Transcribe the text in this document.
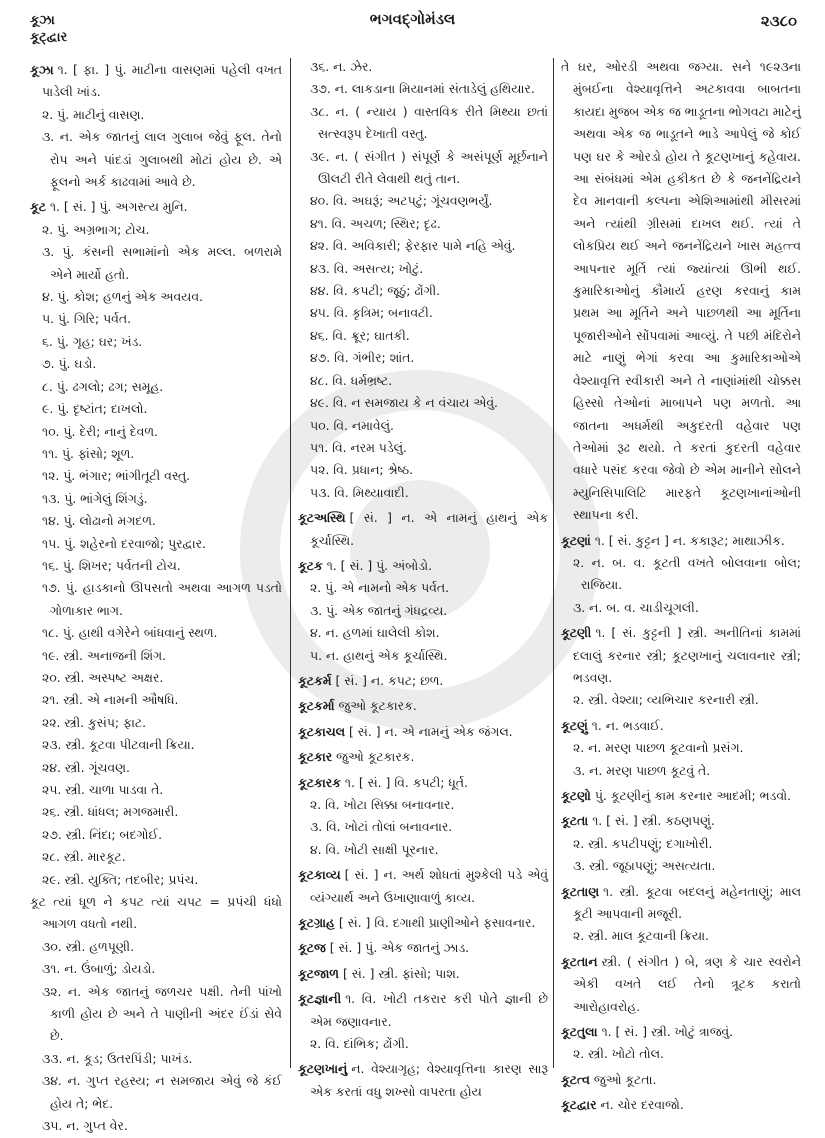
કૂઝા
કૂટ્દ્વાર
ભગવદ્ગોમંડલ	૨૩૮૦

કૂઝા ૧. [ ફા. ] પું. માટીના વાસણમાં પહેલી વખત પાડેલી ખાંડ.

૨. પું. માટીનું વાસણ.

૩. ન. એક જાતનું લાલ ગુલાબ જેવું ફૂલ. તેનો રોપ અને પાંદડાં ગુલાબથી મોટાં હોય છે. એ ફૂલનો અર્ક કાઢવામાં આવે છે.

કૂટ ૧. [ સં. ] પું. અગસ્ત્ય મુનિ.

૨. પું. અગ્રભાગ; ટોચ.

૩. પું. કંસની સભામાંનો એક મલ્લ. બળરામે એને માર્યો હતો.

૪. પું. કોશ; હળનું એક અવયવ.

૫. પું. ગિરિ; પર્વત.

૬. પું. ગૃહ; ઘર; ખંડ.

૭. પું. ઘડો.

૮. પું. ઢગલો; ઢગ; સમૂહ.

૯. પું. દૃષ્ટાંત; દાખલો.

૧૦. પું. દેરી; નાનું દેવળ.

૧૧. પું. ફાંસો; શૂળ.

૧૨. પું. ભંગાર; ભાંગીતૂટી વસ્તુ.

૧૩. પું. ભાંગેલું શિંગડું.

૧૪. પું. લોઢાનો મગદળ.

૧૫. પું. શહેરનો દરવાજો; પુરદ્વાર.

૧૬. પું. શિખર; પર્વતની ટોચ.

૧૭. પું. હાડકાનો ઊપસતો અથવા આગળ પડતો ગોળાકાર ભાગ.

૧૮. પું. હાથી વગેરેને બાંધવાનું સ્થળ.

૧૯. સ્ત્રી. અનાજની શિંગ.

૨૦. સ્ત્રી. અસ્પષ્ટ અક્ષર.

૨૧. સ્ત્રી. એ નામની ઔષધિ.

૨૨. સ્ત્રી. કુસંપ; ફાટ.

૨૩. સ્ત્રી. કૂટવા પીટવાની ક્રિયા.

૨૪. સ્ત્રી. ગૂંચવણ.

૨૫. સ્ત્રી. ચાળા પાડવા તે.

૨૬. સ્ત્રી. ધાંધલ; મગજમારી.

૨૭. સ્ત્રી. નિંદા; બદગોઈ.

૨૮. સ્ત્રી. મારકૂટ.

૨૯. સ્ત્રી. યુક્તિ; તદબીર; પ્રપંચ.

કૂટ ત્યાં ધૂળ ને કપટ ત્યાં ચપટ = પ્રપંચી ધંધો આગળ વધતો નથી.

૩૦. સ્ત્રી. હળપૂણી.

૩૧. ન. ઉંબાળું; ડોયડો.

૩૨. ન. એક જાતનું જળચર પક્ષી. તેની પાંખો કાળી હોય છે અને તે પાણીની અંદર ઈંડાં સેવે છે.

૩૩. ન. કૂડ; ઉતરપિંડી; પાખંડ.

૩૪. ન. ગુપ્ત રહસ્ય; ન સમજાય એવું જે કંઈ હોય તે; ભેદ.

૩૫. ન. ગુપ્ત વેર.

૩૬. ન. ઝેર.

૩૭. ન. લાકડાના મિયાનમાં સંતાડેલું હથિયાર.

૩૮. ન. ( ન્યાય ) વાસ્તવિક રીતે મિથ્યા છતાં સત્સ્વરૂપ દેખાતી વસ્તુ.

૩૯. ન. ( સંગીત ) સંપૂર્ણ કે અસંપૂર્ણ મૂર્છનાને ઊલટી રીતે લેવાથી થતું તાન.

૪૦. વિ. અઘરૂં; અટપટું; ગૂંચવણભર્યું.

૪૧. વિ. અચળ; સ્થિર; દૃઢ.

૪૨. વિ. અવિકારી; ફેરફાર પામે નહિ એવું.

૪૩. વિ. અસત્ય; ખોટું.

૪૪. વિ. કપટી; જૂઠું; ઢોંગી.

૪૫. વિ. કૃત્રિમ; બનાવટી.

૪૬. વિ. ક્રૂર; ઘાતકી.

૪૭. વિ. ગંભીર; શાંત.

૪૮. વિ. ધર્મભ્રષ્ટ.

૪૯. વિ. ન સમજાય કે ન વંચાય એવું.

૫૦. વિ. નમાવેલું.

૫૧. વિ. નરમ પડેલું.

૫૨. વિ. પ્રધાન; શ્રેષ્ઠ.

૫૩. વિ. મિથ્યાવાદી.

કૂટઅસ્થિ [ સં. ] ન. એ નામનું હાથનું એક કૂર્ચાસ્થિ.

કૂટક ૧. [ સં. ] પું. અંબોડો.

૨. પું. એ નામનો એક પર્વત.

૩. પું. એક જાતનું ગંધદ્રવ્ય.

૪. ન. હળમાં ઘાલેલી કોશ.

૫. ન. હાથનું એક કૂર્ચાસ્થિ.

કૂટકર્મ [ સં. ] ન. કપટ; છળ.

કૂટકર્મા જુઓ કૂટકારક.

કૂટકાચલ [ સં. ] ન. એ નામનું એક જંગલ.

કૂટકાર જુઓ કૂટકારક.

કૂટકારક ૧. [ સં. ] વિ. કપટી; ધૂર્ત.

૨. વિ. ખોટા સિક્કા બનાવનાર.

૩. વિ. ખોટાં તોલાં બનાવનાર.

૪. વિ. ખોટી સાક્ષી પૂરનાર.

કૂટકાવ્ય [ સં. ] ન. અર્થ શોધતાં મુશ્કેલી પડે એવું વ્યંગ્યાર્થ અને ઉખાણાવાળું કાવ્ય.

કૂટગ્રાહ [ સં. ] વિ. દગાથી પ્રાણીઓને ફસાવનાર.

કૂટજ [ સં. ] પું. એક જાતનું ઝાડ.

કૂટજાળ [ સં. ] સ્ત્રી. ફાંસો; પાશ.

કૂટજ્ઞાની ૧. વિ. ખોટી તકરાર કરી પોતે જ્ઞાની છે એમ જણાવનાર.

૨. વિ. દાંભિક; ઢોંગી.

કૂટણખાનું ન. વેશ્યાગૃહ; વેશ્યાવૃત્તિના કારણ સારૂ એક કરતાં વધુ શખ્સો વાપરતા હોય

તે ઘર, ઓરડી અથવા જગ્યા. સને ૧૯૨૩ના મુંબઈના વેશ્યાવૃત્તિને અટકાવવા બાબતના કાયદા મુજબ એક જ ભાડૂતના ભોગવટા માટેનું અથવા એક જ ભાડૂતને ભાડે આપેલું જે કોઈ પણ ઘર કે ઓરડો હોય તે કૂટણખાનું કહેવાય. આ સંબંધમાં એમ હકીકત છે કે જનનેંદ્રિયને દેવ માનવાની કલ્પના એશિઆમાંથી મીસરમાં અને ત્યાંથી ગ્રીસમાં દાખલ થઈ. ત્યાં તે લોકપ્રિય થઈ અને જનનેંદ્રિયને ખાસ મહત્ત્વ આપનાર મૂર્તિ ત્યાં જ્યાંત્યાં ઊભી થઈ. કુમારિકાઓનું કૌમાર્ય હરણ કરવાનું કામ પ્રથમ આ મૂર્તિને અને પાછળથી આ મૂર્તિના પૂજારીઓને સોંપવામાં આવ્યું. તે પછી મંદિરોને માટે નાણું ભેગાં કરવા આ કુમારિકાઓએ વેશ્યાવૃત્તિ સ્વીકારી અને તે નાણાંમાંથી ચોક્કસ હિસ્સો તેઓનાં માબાપને પણ મળતો. આ જાતના અધર્મથી અકુદરતી વહેવાર પણ તેઓમાં રૂઢ થયો. તે કરતાં કુદરતી વહેવાર વધારે પસંદ કરવા જેવો છે એમ માનીને સોલને મ્યુનિસિપાલિટિ મારફતે કૂટણખાનાંઓની સ્થાપના કરી.

કૂટણાં ૧. [ સં. કુટ્ટન ] ન. કકારૂટ; માથાઝીક.

૨. ન. બ. વ. કૂટતી વખતે બોલવાના બોલ; રાજિયા.

૩. ન. બ. વ. ચાડીચૂગલી.

કૂટણી ૧. [ સં. કુટ્ટની ] સ્ત્રી. અનીતિનાં કામમાં દલાલું કરનાર સ્ત્રી; કૂટણખાનું ચલાવનાર સ્ત્રી; ભડવણ.

૨. સ્ત્રી. વેશ્યા; વ્યભિચાર કરનારી સ્ત્રી.

કૂટણું ૧. ન. ભડવાઈ.

૨. ન. મરણ પાછળ કૂટવાનો પ્રસંગ.

૩. ન. મરણ પાછળ કૂટવું તે.

કૂટણો પું. કૂટણીનું કામ કરનાર આદમી; ભડવો.

કૂટતા ૧. [ સં. ] સ્ત્રી. કઠણપણું.

૨. સ્ત્રી. કપટીપણું; દગાખોરી.

૩. સ્ત્રી. જૂઠાપણું; અસત્યતા.

કૂટતાણ ૧. સ્ત્રી. કૂટવા બદલનું મહેનતાણું; માલ કૂટી આપવાની મજૂરી.

૨. સ્ત્રી. માલ કૂટવાની ક્રિયા.

કૂટતાન સ્ત્રી. ( સંગીત ) બે, ત્રણ કે ચાર સ્વરોને એકી વખતે લઈ તેનો ત્રૂટક કરાતો આરોહાવરોહ.

કૂટતુલા ૧. [ સં. ] સ્ત્રી. ખોટું ત્રાજવું.

૨. સ્ત્રી. ખોટો તોલ.

કૂટત્વ જુઓ કૂટતા.

કૂટદ્વાર ન. ચોર દરવાજો.
